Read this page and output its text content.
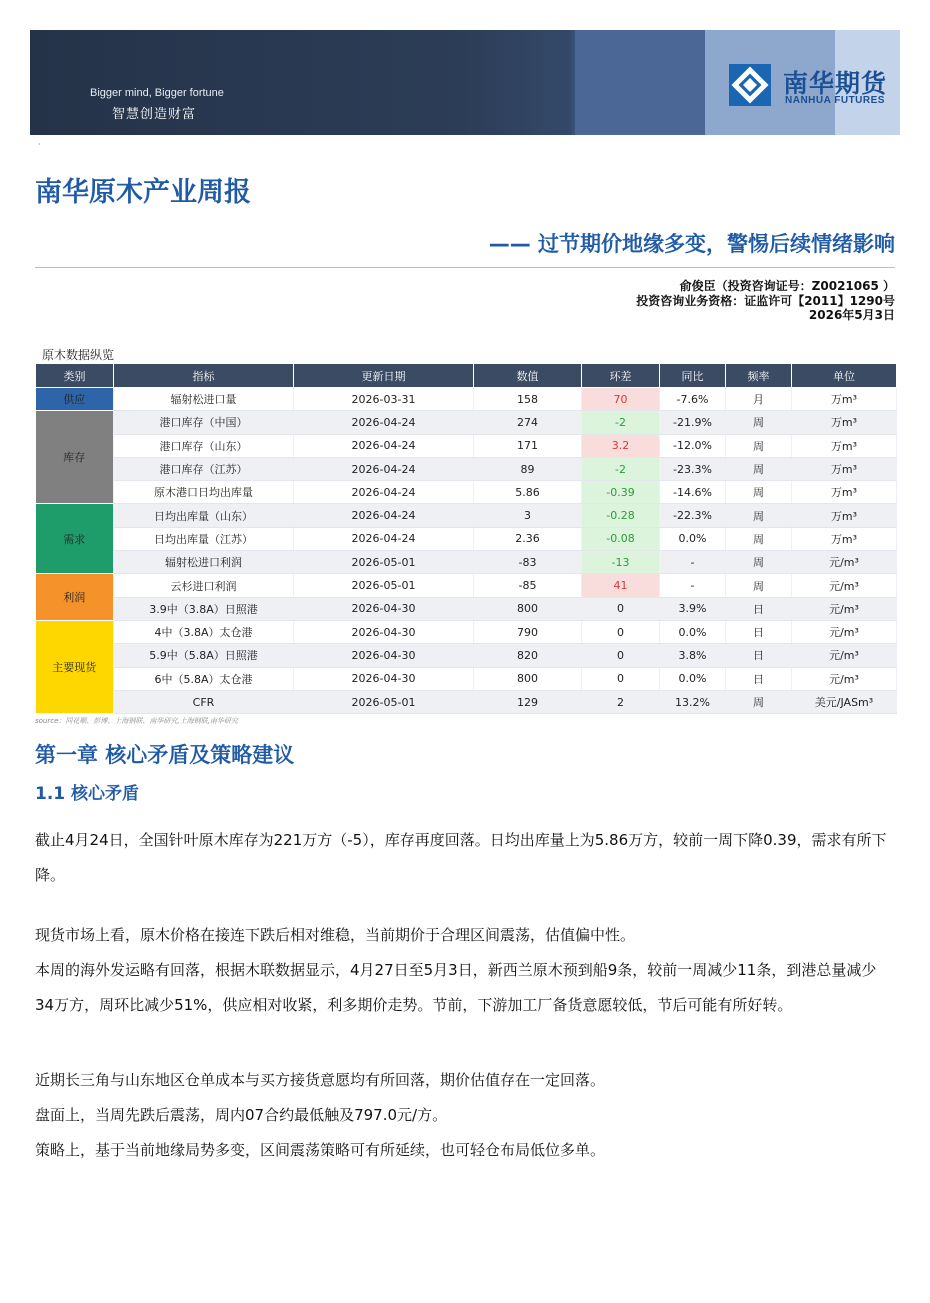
Bigger mind, Bigger fortune
智慧创造财富
南华期货
NANHUA FUTURES
·
南华原木产业周报
—— 过节期价地缘多变，警惕后续情绪影响
俞俊臣（投资咨询证号：Z0021065 ）
投资咨询业务资格：证监许可【2011】1290号
2026年5月3日
原木数据纵览
类别	指标	更新日期	数值	环差	同比	频率	单位
供应	辐射松进口量	2026-03-31	158	70	-7.6%	月	万m³
库存	港口库存（中国）	2026-04-24	274	-2	-21.9%	周	万m³
	港口库存（山东）	2026-04-24	171	3.2	-12.0%	周	万m³
	港口库存（江苏）	2026-04-24	89	-2	-23.3%	周	万m³
	原木港口日均出库量	2026-04-24	5.86	-0.39	-14.6%	周	万m³
需求	日均出库量（山东）	2026-04-24	3	-0.28	-22.3%	周	万m³
	日均出库量（江苏）	2026-04-24	2.36	-0.08	0.0%	周	万m³
	辐射松进口利润	2026-05-01	-83	-13	-	周	元/m³
利润	云杉进口利润	2026-05-01	-85	41	-	周	元/m³
	3.9中（3.8A）日照港	2026-04-30	800	0	3.9%	日	元/m³
主要现货	4中（3.8A）太仓港	2026-04-30	790	0	0.0%	日	元/m³
	5.9中（5.8A）日照港	2026-04-30	820	0	3.8%	日	元/m³
	6中（5.8A）太仓港	2026-04-30	800	0	0.0%	日	元/m³
	CFR	2026-05-01	129	2	13.2%	周	美元/JASm³
source：同花顺、彭博、上海钢联、南华研究,上海钢联,南华研究
第一章 核心矛盾及策略建议
1.1 核心矛盾

截止4月24日，全国针叶原木库存为221万方（-5），库存再度回落。日均出库量上为5.86万方，较前一周下降0.39，需求有所下降。

现货市场上看，原木价格在接连下跌后相对维稳，当前期价于合理区间震荡，估值偏中性。

本周的海外发运略有回落，根据木联数据显示，4月27日至5月3日，新西兰原木预到船9条，较前一周减少11条，到港总量减少34万方，周环比减少51%，供应相对收紧，利多期价走势。节前，下游加工厂备货意愿较低，节后可能有所好转。

近期长三角与山东地区仓单成本与买方接货意愿均有所回落，期价估值存在一定回落。

盘面上，当周先跌后震荡，周内07合约最低触及797.0元/方。

策略上，基于当前地缘局势多变，区间震荡策略可有所延续，也可轻仓布局低位多单。
